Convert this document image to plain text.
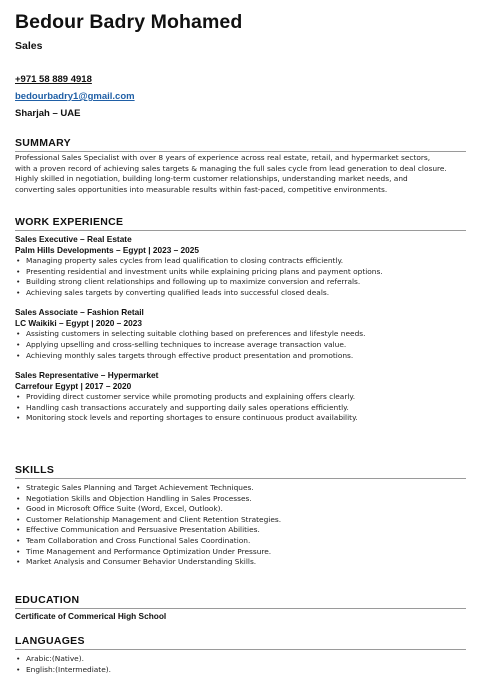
Bedour Badry Mohamed
Sales
+971 58 889 4918
bedourbadry1@gmail.com
Sharjah – UAE
SUMMARY
Professional Sales Specialist with over 8 years of experience across real estate, retail, and hypermarket sectors,
with a proven record of achieving sales targets & managing the full sales cycle from lead generation to deal closure.
Highly skilled in negotiation, building long-term customer relationships, understanding market needs, and
converting sales opportunities into measurable results within fast-paced, competitive environments.
WORK EXPERIENCE
Sales Executive – Real Estate
Palm Hills Developments – Egypt | 2023 – 2025
• Managing property sales cycles from lead qualification to closing contracts efficiently.
• Presenting residential and investment units while explaining pricing plans and payment options.
• Building strong client relationships and following up to maximize conversion and referrals.
• Achieving sales targets by converting qualified leads into successful closed deals.
Sales Associate – Fashion Retail
LC Waikiki – Egypt | 2020 – 2023
• Assisting customers in selecting suitable clothing based on preferences and lifestyle needs.
• Applying upselling and cross-selling techniques to increase average transaction value.
• Achieving monthly sales targets through effective product presentation and promotions.
Sales Representative – Hypermarket
Carrefour Egypt | 2017 – 2020
• Providing direct customer service while promoting products and explaining offers clearly.
• Handling cash transactions accurately and supporting daily sales operations efficiently.
• Monitoring stock levels and reporting shortages to ensure continuous product availability.
SKILLS
• Strategic Sales Planning and Target Achievement Techniques.
• Negotiation Skills and Objection Handling in Sales Processes.
• Good in Microsoft Office Suite (Word, Excel, Outlook).
• Customer Relationship Management and Client Retention Strategies.
• Effective Communication and Persuasive Presentation Abilities.
• Team Collaboration and Cross Functional Sales Coordination.
• Time Management and Performance Optimization Under Pressure.
• Market Analysis and Consumer Behavior Understanding Skills.
EDUCATION
Certificate of Commerical High School
LANGUAGES
• Arabic:(Native).
• English:(Intermediate).
